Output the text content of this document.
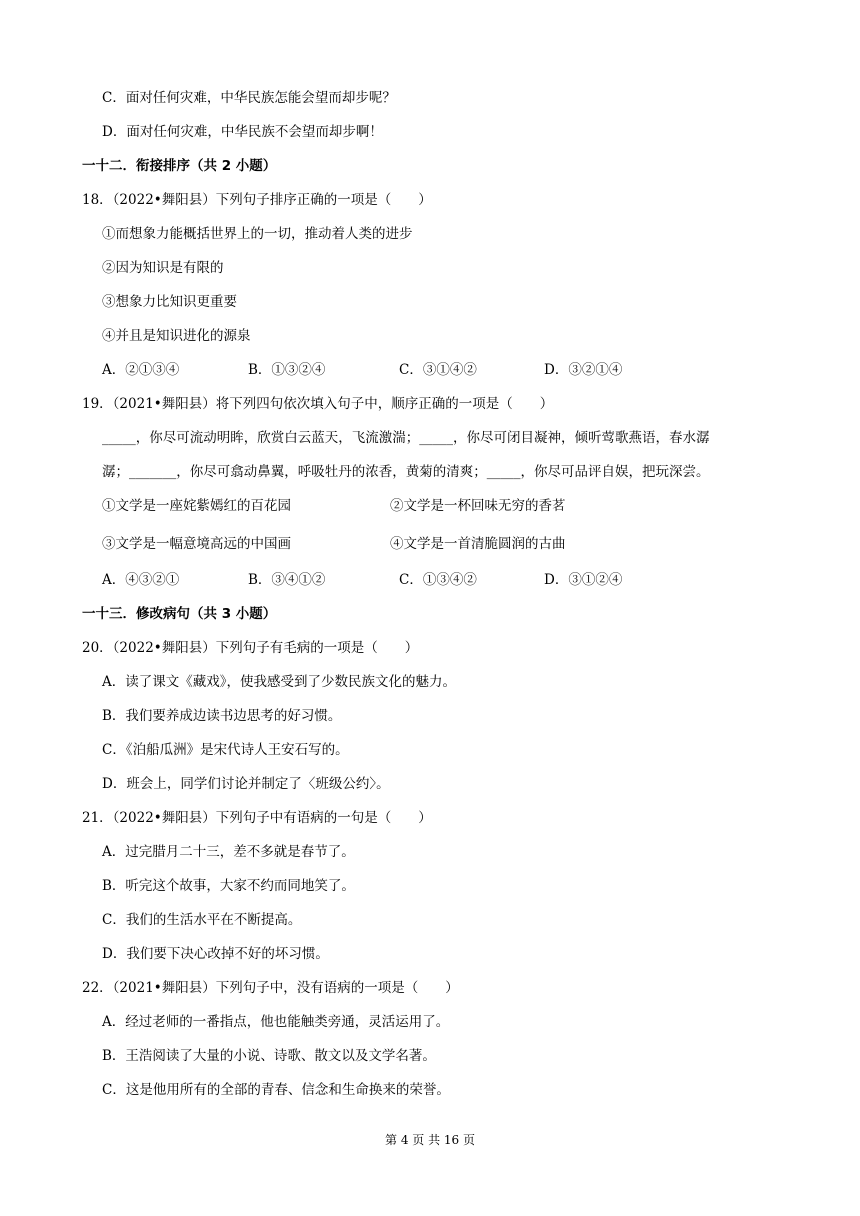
C．面对任何灾难，中华民族怎能会望而却步呢？
D．面对任何灾难，中华民族不会望而却步啊！
一十二．衔接排序（共 2 小题）
18．（2022•舞阳县）下列句子排序正确的一项是（　　）
①而想象力能概括世界上的一切，推动着人类的进步
②因为知识是有限的
③想象力比知识更重要
④并且是知识进化的源泉
A．②①③④	B．①③②④	C．③①④②	D．③②①④
19．（2021•舞阳县）将下列四句依次填入句子中，顺序正确的一项是（　　）
_____，你尽可流动明眸，欣赏白云蓝天，飞流激湍；_____，你尽可闭目凝神，倾听莺歌燕语，春水潺
潺；_______，你尽可翕动鼻翼，呼吸牡丹的浓香，黄菊的清爽；_____，你尽可品评自娱，把玩深尝。
①文学是一座姹紫嫣红的百花园	②文学是一杯回味无穷的香茗
③文学是一幅意境高远的中国画	④文学是一首清脆圆润的古曲
A．④③②①	B．③④①②	C．①③④②	D．③①②④
一十三．修改病句（共 3 小题）
20．（2022•舞阳县）下列句子有毛病的一项是（　　）
A．读了课文《藏戏》，使我感受到了少数民族文化的魅力。
B．我们要养成边读书边思考的好习惯。
C．《泊船瓜洲》是宋代诗人王安石写的。
D．班会上，同学们讨论并制定了〈班级公约〉。
21．（2022•舞阳县）下列句子中有语病的一句是（　　）
A．过完腊月二十三，差不多就是春节了。
B．听完这个故事，大家不约而同地笑了。
C．我们的生活水平在不断提高。
D．我们要下决心改掉不好的坏习惯。
22．（2021•舞阳县）下列句子中，没有语病的一项是（　　）
A．经过老师的一番指点，他也能触类旁通，灵活运用了。
B．王浩阅读了大量的小说、诗歌、散文以及文学名著。
C．这是他用所有的全部的青春、信念和生命换来的荣誉。
第 4 页 共 16 页
